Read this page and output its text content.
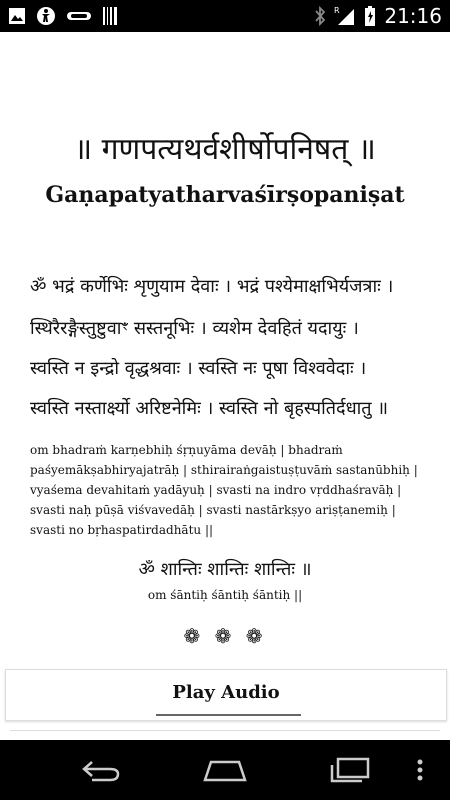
R 21:16
॥ गणपत्यथर्वशीर्षोपनिषत् ॥
Gaṇapatyatharvaśīrṣopaniṣat
ॐ भद्रं कर्णेभिः शृणुयाम देवाः । भद्रं पश्येमाक्षभिर्यजत्राः ।
स्थिरैरङ्गैस्तुष्टुवाꣳ सस्तनूभिः । व्यशेम देवहितं यदायुः ।
स्वस्ति न इन्द्रो वृद्धश्रवाः । स्वस्ति नः पूषा विश्ववेदाः ।
स्वस्ति नस्तार्क्ष्यो अरिष्टनेमिः । स्वस्ति नो बृहस्पतिर्दधातु ॥
om bhadraṁ karṇebhiḥ śṛṇuyāma devāḥ | bhadraṁ
paśyemākṣabhiryajatrāḥ | sthirairaṅgaistuṣṭuvāṁ sastanūbhiḥ |
vyaśema devahitaṁ yadāyuḥ | svasti na indro vṛddhaśravāḥ |
svasti naḥ pūṣā viśvavedāḥ | svasti nastārkṣyo ariṣṭanemiḥ |
svasti no bṛhaspatirdadhātu ||
ॐ शान्तिः शान्तिः शान्तिः ॥
om śāntiḥ śāntiḥ śāntiḥ ||
❁ ❁ ❁
Play Audio
